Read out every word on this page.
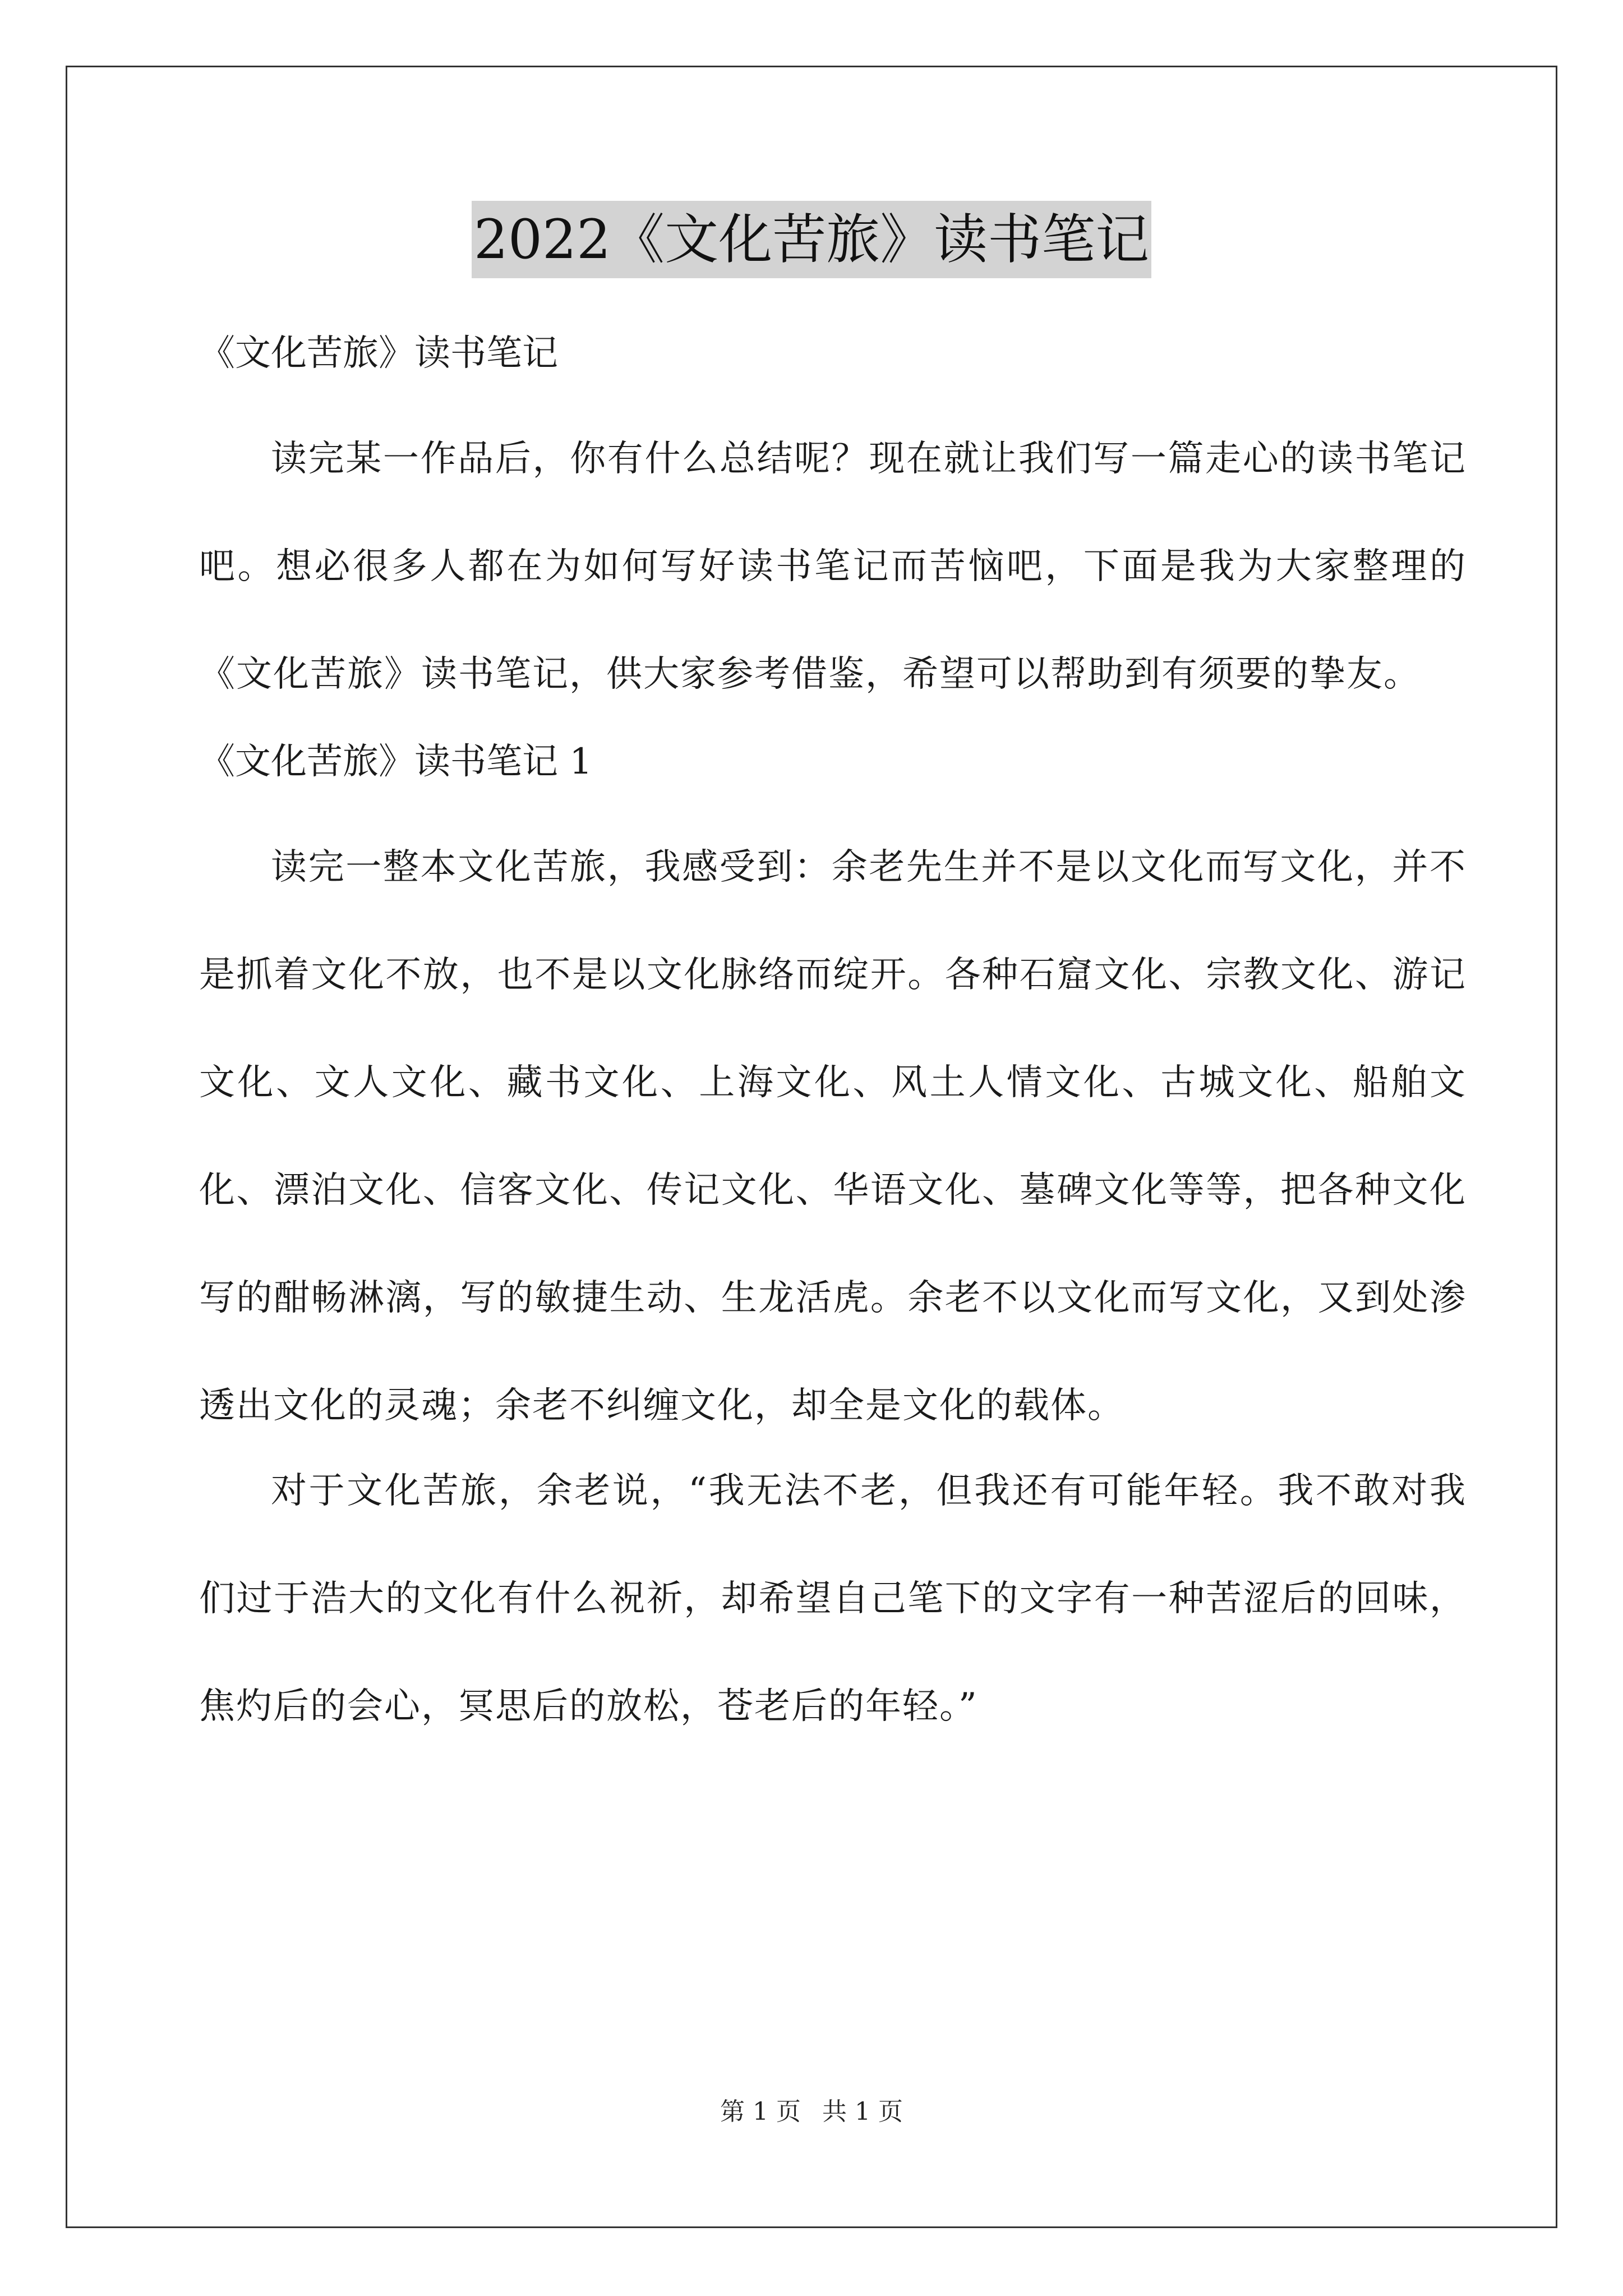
2022《文化苦旅》读书笔记
《文化苦旅》读书笔记

读完某一作品后，你有什么总结呢？现在就让我们写一篇走心的读书笔记吧。想必很多人都在为如何写好读书笔记而苦恼吧，下面是我为大家整理的《文化苦旅》读书笔记，供大家参考借鉴，希望可以帮助到有须要的挚友。

《文化苦旅》读书笔记 1

读完一整本文化苦旅，我感受到：余老先生并不是以文化而写文化，并不是抓着文化不放，也不是以文化脉络而绽开。各种石窟文化、宗教文化、游记文化、文人文化、藏书文化、上海文化、风土人情文化、古城文化、船舶文化、漂泊文化、信客文化、传记文化、华语文化、墓碑文化等等，把各种文化写的酣畅淋漓，写的敏捷生动、生龙活虎。余老不以文化而写文化，又到处渗透出文化的灵魂；余老不纠缠文化，却全是文化的载体。

对于文化苦旅，余老说，“我无法不老，但我还有可能年轻。我不敢对我们过于浩大的文化有什么祝祈，却希望自己笔下的文字有一种苦涩后的回味，焦灼后的会心，冥思后的放松，苍老后的年轻。”

第 1 页 共 1 页
